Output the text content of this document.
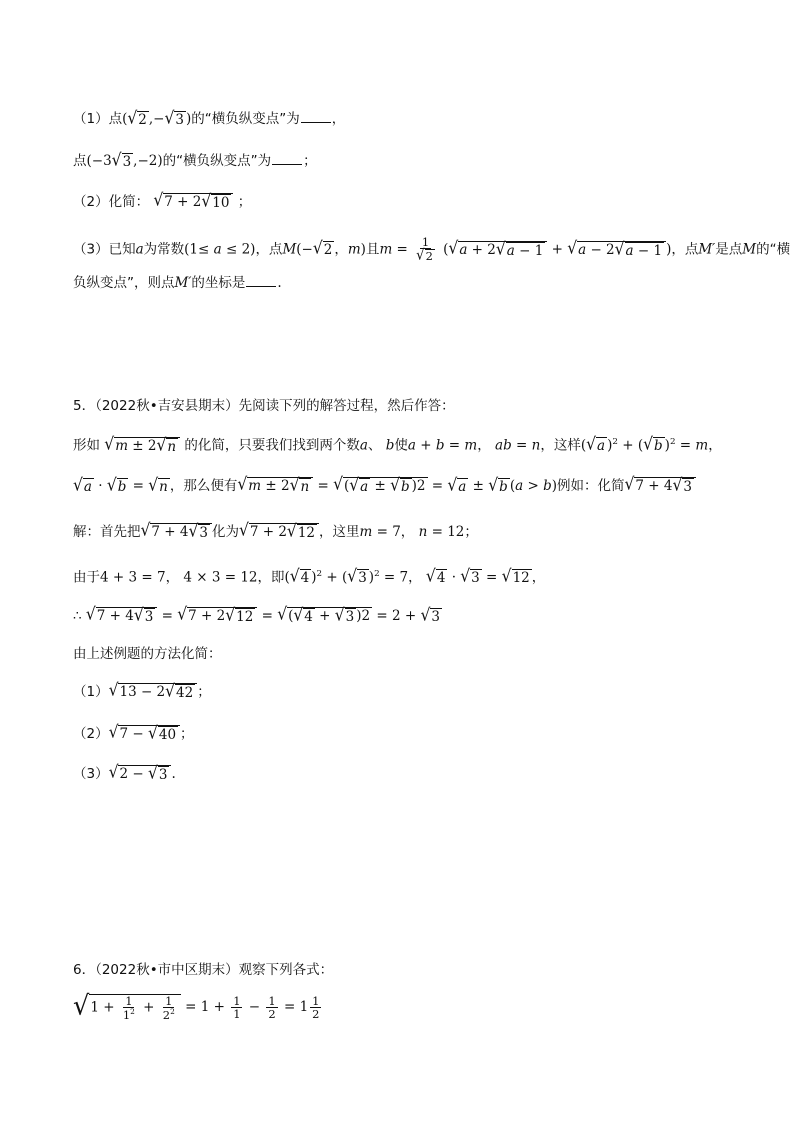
（1）点( √ 2 ,− √ 3 )的“横负纵变点”为 ，
点(−3 √ 3 ,−2)的“横负纵变点”为 ；
（2）化简： √ 7 + 2 √ 10 ；
（3）已知a为常数(1≤ a ≤ 2)，点M(− √ 2 ，m)且$m = \frac{1}{√ 2}$ ( √ a + 2 √ a − 1 + √ a − 2 √ a − 1 )，点M′是点M的“横
负纵变点”，则点M′的坐标是 .
5．（2022秋•吉安县期末）先阅读下列的解答过程，然后作答：
形如 √ m ± 2 √ n 的化简，只要我们找到两个数a、 b使a + b = m， ab = n，这样( √ a )$^2$ + ( √ b )$^2$ = m，
√ a · √ b = √ n ，那么便有 √ m ± 2 √ n = √ ( √ a ± √ b )2 = √ a ± √ b (a > b)例如：化简 √ 7 + 4 √ 3
解：首先把 √ 7 + 4 √ 3 化为 √ 7 + 2 √ 12 ，这里m = 7， n = 12；
由于4 + 3 = 7， 4 × 3 = 12，即( √ 4 )$^2$ + ( √ 3 )$^2$ = 7， √ 4 · √ 3 = √ 12 ，
∴ √ 7 + 4 √ 3 = √ 7 + 2 √ 12 = √ ( √ 4 + √ 3 )2 = 2 + √ 3
由上述例题的方法化简：
（1） √ 13 − 2 √ 42 ；
（2） √ 7 − √ 40 ；
（3） √ 2 − √ 3 .
6．（2022秋•市中区期末）观察下列各式：
√ $1 + \frac{1}{1^2} + \frac{1}{2^2} = 1 + \frac{1}{1} - \frac{1}{2} = 1 \frac{1}{2}$
